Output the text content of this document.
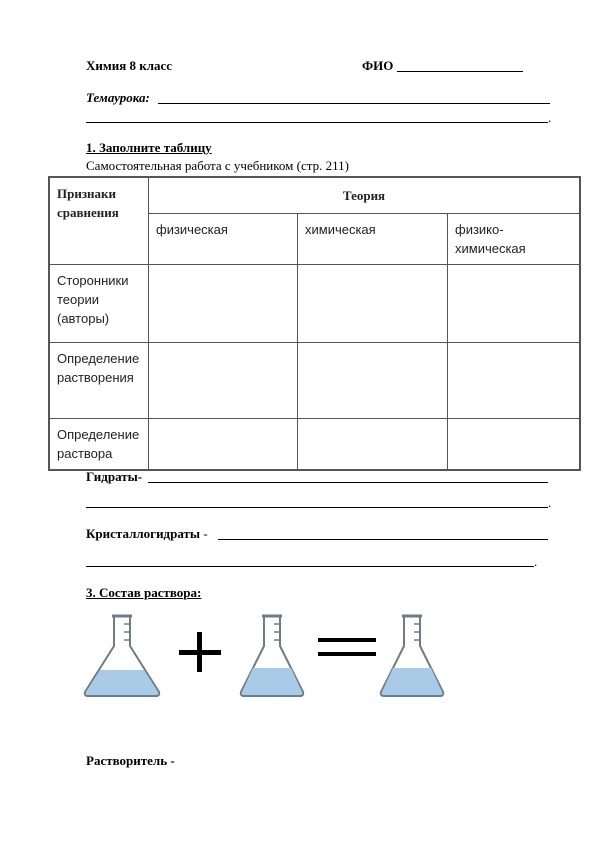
Химия 8 класс	ФИО
Темаурока:
.
1. Заполните таблицу
Самостоятельная работа с учебником (стр. 211)
Признаки сравнения	Теория		
	физическая	химическая	физико-химическая
Сторонники теории (авторы)			
Определение растворения			
Определение раствора			
Гидраты-
.
Кристаллогидраты -
.
3. Состав раствора:
Растворитель -
